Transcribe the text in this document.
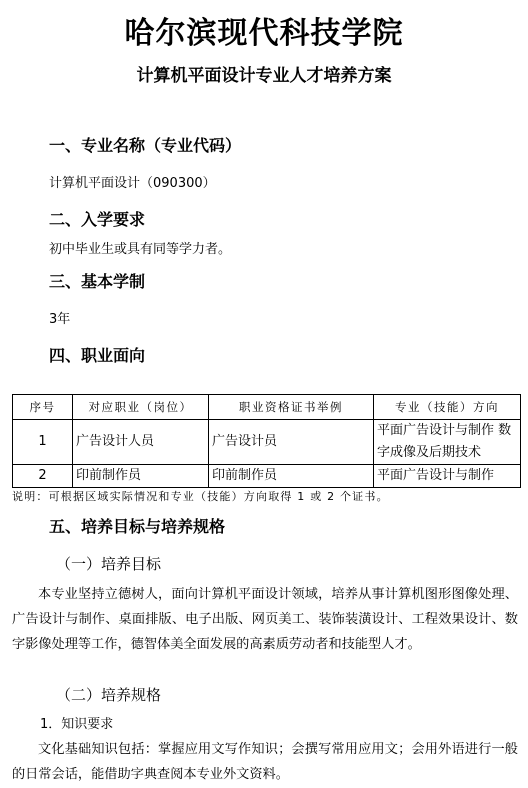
哈尔滨现代科技学院
计算机平面设计专业人才培养方案
一、专业名称（专业代码）
计算机平面设计（090300）
二、入学要求
初中毕业生或具有同等学力者。
三、基本学制
3年
四、职业面向
序号	对应职业（岗位）	职业资格证书举例	专业（技能）方向
1	广告设计人员	广告设计员	平面广告设计与制作 数字成像及后期技术
2	印前制作员	印前制作员	平面广告设计与制作
说明：可根据区域实际情况和专业（技能）方向取得 1 或 2 个证书。
五、培养目标与培养规格
（一）培养目标
本专业坚持立德树人，面向计算机平面设计领域，培养从事计算机图形图像处理、广告设计与制作、桌面排版、电子出版、网页美工、装饰装潢设计、工程效果设计、数字影像处理等工作，德智体美全面发展的高素质劳动者和技能型人才。
（二）培养规格
1．知识要求
文化基础知识包括：掌握应用文写作知识；会撰写常用应用文；会用外语进行一般的日常会话，能借助字典查阅本专业外文资料。
